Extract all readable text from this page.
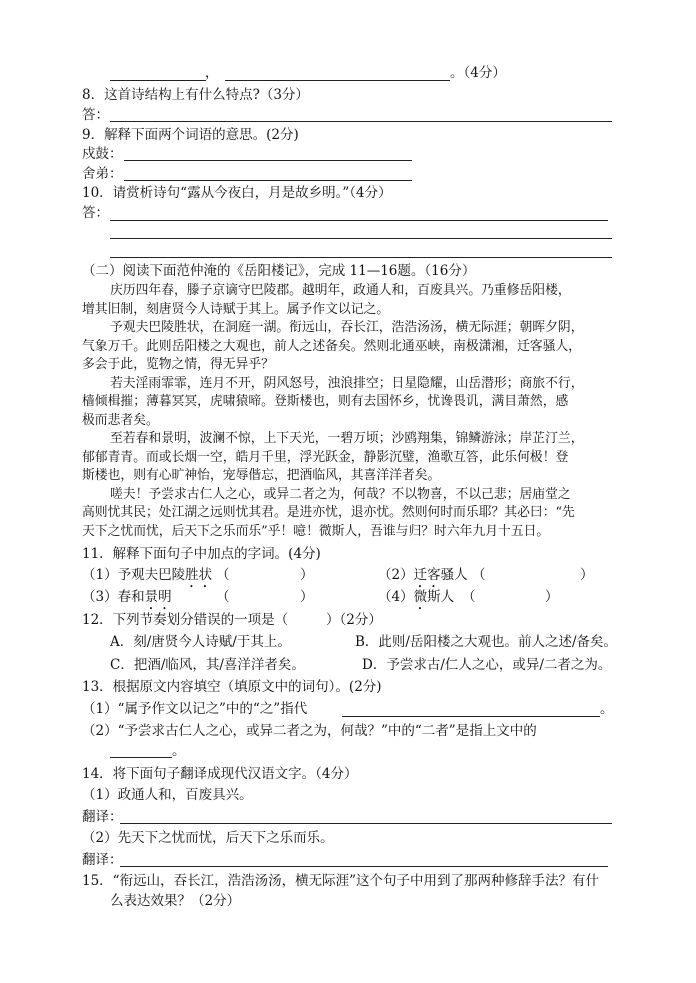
，	。（4分）
8．这首诗结构上有什么特点?（3分）
答：
9．解释下面两个词语的意思。(2分)
戍鼓：
舍弟：
10．请赏析诗句“露从今夜白，月是故乡明。”（4分）
答：
（二）阅读下面范仲淹的《岳阳楼记》，完成 11—16题。（16分）
庆历四年春，滕子京谪守巴陵郡。越明年，政通人和，百废具兴。乃重修岳阳楼，
增其旧制，刻唐贤今人诗赋于其上。属予作文以记之。
予观夫巴陵胜状，在洞庭一湖。衔远山，吞长江，浩浩汤汤，横无际涯；朝晖夕阴，
气象万千。此则岳阳楼之大观也，前人之述备矣。然则北通巫峡，南极潇湘，迁客骚人，
多会于此，览物之情，得无异乎？
若夫淫雨霏霏，连月不开，阴风怒号，浊浪排空；日星隐耀，山岳潜形；商旅不行，
樯倾楫摧；薄暮冥冥，虎啸猿啼。登斯楼也，则有去国怀乡，忧谗畏讥，满目萧然，感
极而悲者矣。
至若春和景明，波澜不惊，上下天光，一碧万顷；沙鸥翔集，锦鳞游泳；岸芷汀兰，
郁郁青青。而或长烟一空，皓月千里，浮光跃金，静影沉璧，渔歌互答，此乐何极！登
斯楼也，则有心旷神怡，宠辱偕忘，把酒临风，其喜洋洋者矣。
嗟夫！予尝求古仁人之心，或异二者之为，何哉？不以物喜，不以己悲；居庙堂之
高则忧其民；处江湖之远则忧其君。是进亦忧，退亦忧。然则何时而乐耶？其必曰：“先
天下之忧而忧，后天下之乐而乐”乎！噫！微斯人，吾谁与归？时六年九月十五日。
11．解释下面句子中加点的字词。(4分)
（1）予观夫巴陵胜状 （	）	（2）迁客骚人 （	）
（3）春和景明	（	）	（4）微斯人 （	）
12．下列节奏划分错误的一项是（	）（2分）
A．刻/唐贤今人诗赋/于其上。	B．此则/岳阳楼之大观也。前人之述/备矣。
C．把酒/临风，其/喜洋洋者矣。	D．予尝求古/仁人之心，或异/二者之为。
13．根据原文内容填空（填原文中的词句）。(2分)
（1）“属予作文以记之”中的“之”指代	。
（2）“予尝求古仁人之心，或异二者之为，何哉？”中的“二者”是指上文中的
。
14．将下面句子翻译成现代汉语文字。（4分）
（1）政通人和，百废具兴。
翻译：
（2）先天下之忧而忧，后天下之乐而乐。
翻译：
15．“衔远山，吞长江，浩浩汤汤，横无际涯”这个句子中用到了那两种修辞手法？有什
么表达效果？（2分）
